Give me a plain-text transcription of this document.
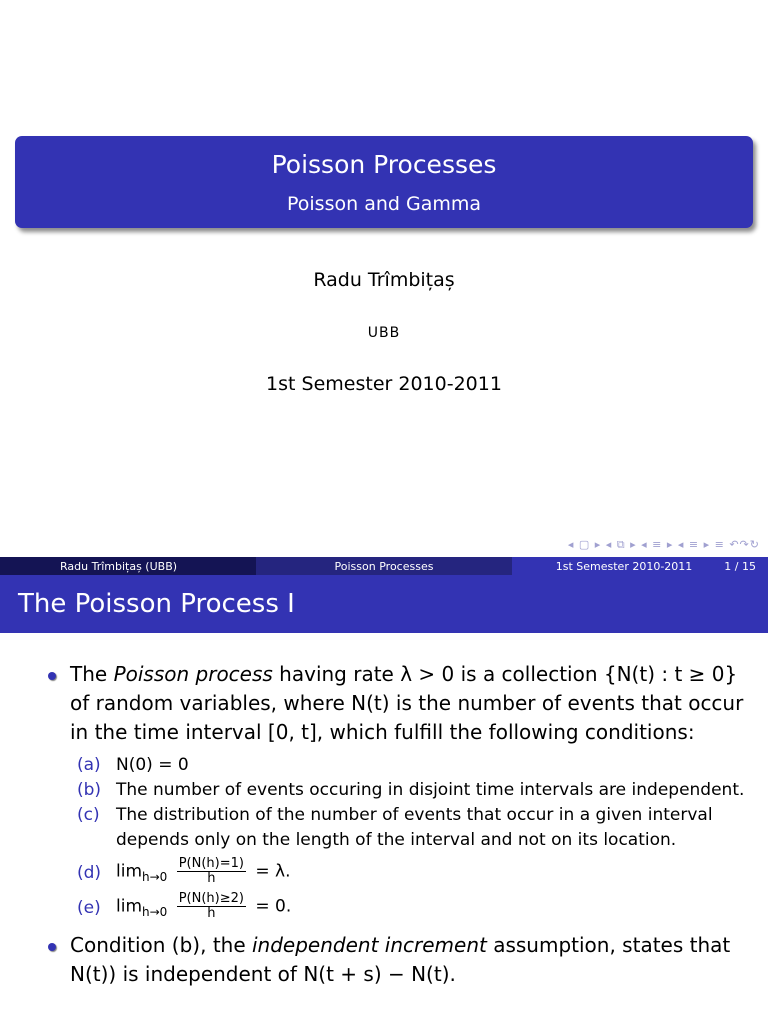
Poisson Processes
Poisson and Gamma
Radu Trîmbițaș
UBB
1st Semester 2010-2011
◂ ▢ ▸ ◂ ⧉ ▸ ◂ ≡ ▸ ◂ ≡ ▸ ≡ ↶↷↻
Radu Trîmbițaș (UBB)	Poisson Processes	1st Semester 2010-2011	1 / 15
The Poisson Process I
The Poisson process having rate λ > 0 is a collection {N(t) : t ≥ 0}
of random variables, where N(t) is the number of events that occur
in the time interval [0, t], which fulfill the following conditions:
(a) N(0) = 0
(b) The number of events occuring in disjoint time intervals are independent.
(c) The distribution of the number of events that occur in a given interval depends only on the length of the interval and not on its location.
(d) $\lim_{h\to 0} \frac{P(N(h)=1)}{h} = \lambda$.
(e) $\lim_{h\to 0} \frac{P(N(h)\ge 2)}{h} = 0$.
Condition (b), the independent increment assumption, states that
N(t)) is independent of N(t + s) − N(t).
